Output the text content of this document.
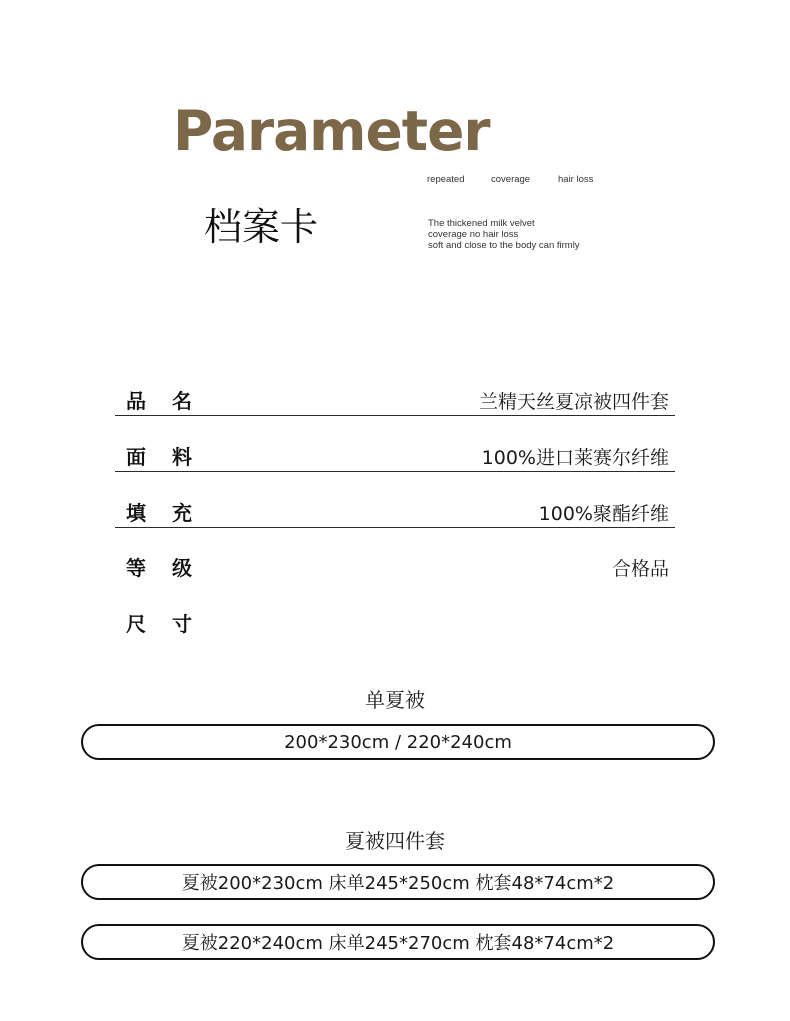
Parameter
repeated	coverage	hair loss
档案卡	The thickened milk velvet
coverage no hair loss
soft and close to the body can firmly
品名	兰精天丝夏凉被四件套
面料	100%进口莱赛尔纤维
填充	100%聚酯纤维
等级	合格品
尺寸
单夏被
200*230cm / 220*240cm
夏被四件套
夏被200*230cm 床单245*250cm 枕套48*74cm*2
夏被220*240cm 床单245*270cm 枕套48*74cm*2
